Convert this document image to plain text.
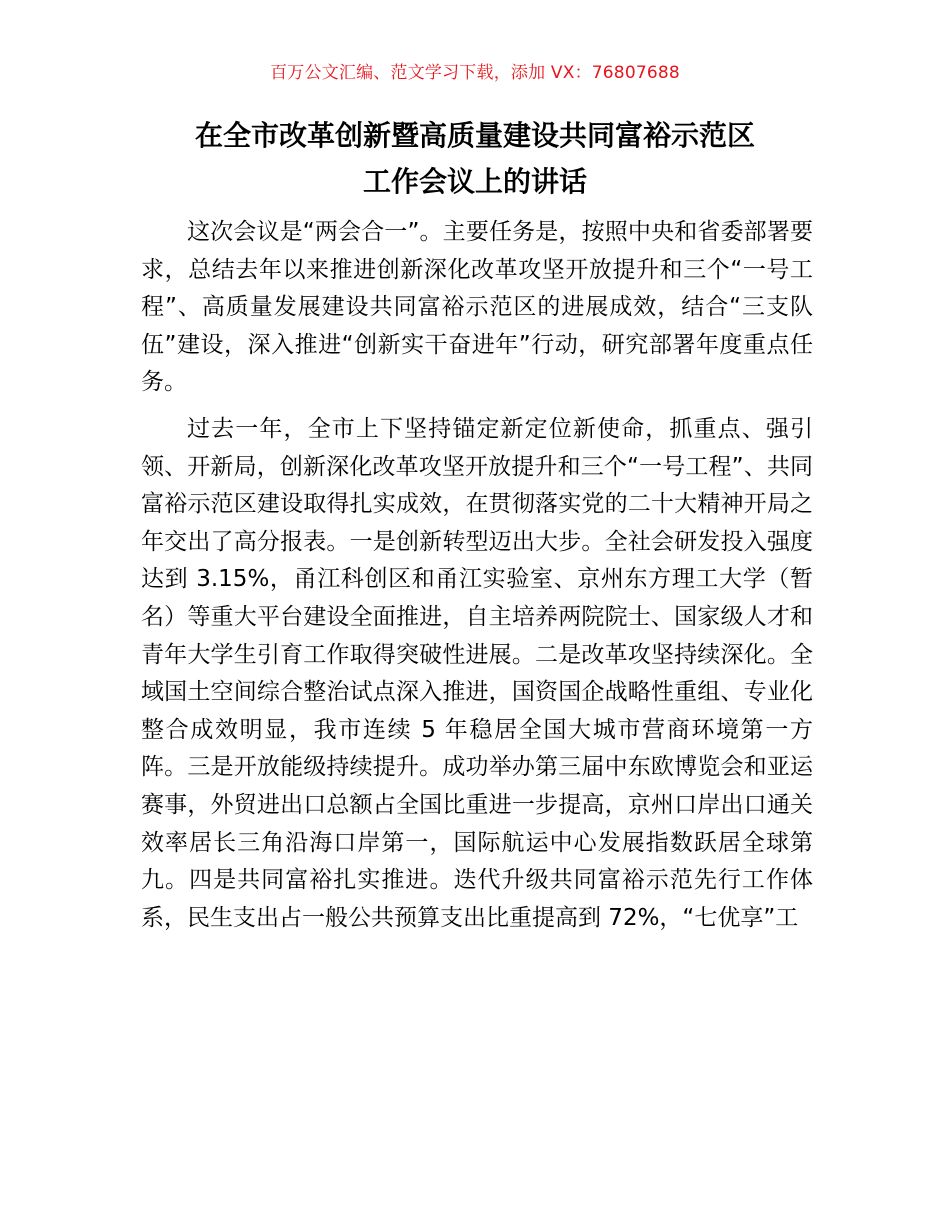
百万公文汇编、范文学习下载，添加 VX：76807688
在全市改革创新暨高质量建设共同富裕示范区
工作会议上的讲话

这次会议是“两会合一”。主要任务是，按照中央和省委部署要求，总结去年以来推进创新深化改革攻坚开放提升和三个“一号工程”、高质量发展建设共同富裕示范区的进展成效，结合“三支队伍”建设，深入推进“创新实干奋进年”行动，研究部署年度重点任务。

过去一年，全市上下坚持锚定新定位新使命，抓重点、强引领、开新局，创新深化改革攻坚开放提升和三个“一号工程”、共同富裕示范区建设取得扎实成效，在贯彻落实党的二十大精神开局之年交出了高分报表。一是创新转型迈出大步。全社会研发投入强度达到 3.15%，甬江科创区和甬江实验室、京州东方理工大学（暂名）等重大平台建设全面推进，自主培养两院院士、国家级人才和青年大学生引育工作取得突破性进展。二是改革攻坚持续深化。全域国土空间综合整治试点深入推进，国资国企战略性重组、专业化整合成效明显，我市连续 5 年稳居全国大城市营商环境第一方阵。三是开放能级持续提升。成功举办第三届中东欧博览会和亚运赛事，外贸进出口总额占全国比重进一步提高，京州口岸出口通关效率居长三角沿海口岸第一，国际航运中心发展指数跃居全球第九。四是共同富裕扎实推进。迭代升级共同富裕示范先行工作体系，民生支出占一般公共预算支出比重提高到 72%，“七优享”工
